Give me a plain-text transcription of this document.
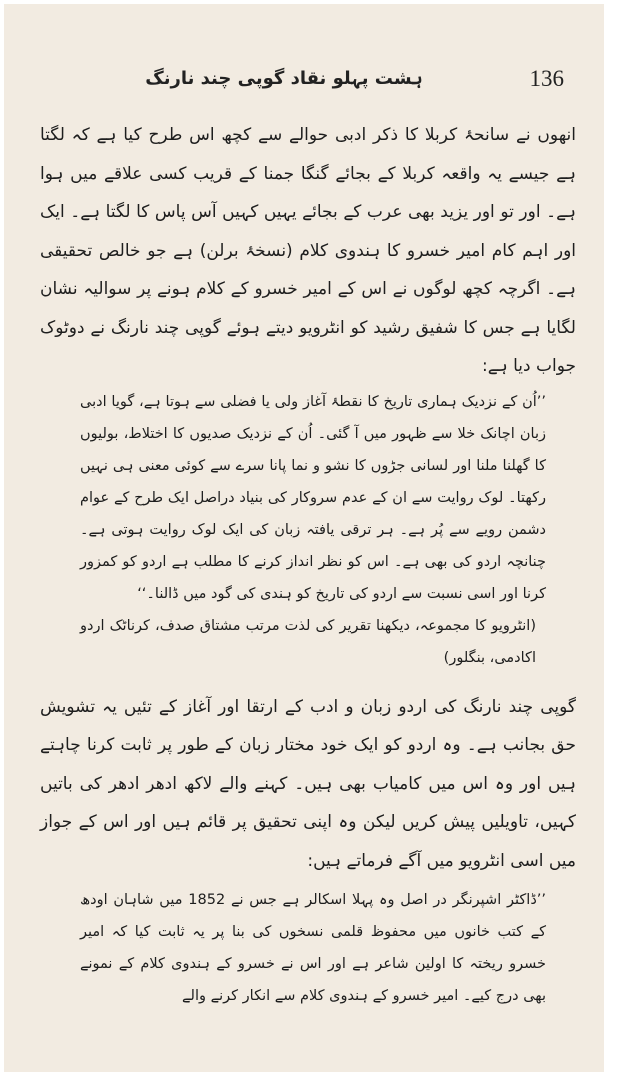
136
ہشت پہلو نقاد گوپی چند نارنگ

انھوں نے سانحۂ کربلا کا ذکر ادبی حوالے سے کچھ اس طرح کیا ہے کہ لگتا ہے جیسے یہ واقعہ کربلا کے بجائے گنگا جمنا کے قریب کسی علاقے میں ہوا ہے۔ اور تو اور یزید بھی عرب کے بجائے یہیں کہیں آس پاس کا لگتا ہے۔ ایک اور اہم کام امیر خسرو کا ہندوی کلام (نسخۂ برلن) ہے جو خالص تحقیقی ہے۔ اگرچہ کچھ لوگوں نے اس کے امیر خسرو کے کلام ہونے پر سوالیہ نشان لگایا ہے جس کا شفیق رشید کو انٹرویو دیتے ہوئے گوپی چند نارنگ نے دوٹوک جواب دیا ہے:

’’اُن کے نزدیک ہماری تاریخ کا نقطۂ آغاز ولی یا فضلی سے ہوتا ہے، گویا ادبی زبان اچانک خلا سے ظہور میں آ گئی۔ اُن کے نزدیک صدیوں کا اختلاط، بولیوں کا گھلنا ملنا اور لسانی جڑوں کا نشو و نما پانا سرے سے کوئی معنی ہی نہیں رکھتا۔ لوک روایت سے ان کے عدم سروکار کی بنیاد دراصل ایک طرح کے عوام دشمن رویے سے پُر ہے۔ ہر ترقی یافتہ زبان کی ایک لوک روایت ہوتی ہے۔ چنانچہ اردو کی بھی ہے۔ اس کو نظر انداز کرنے کا مطلب ہے اردو کو کمزور کرنا اور اسی نسبت سے اردو کی تاریخ کو ہندی کی گود میں ڈالنا۔‘‘

(انٹرویو کا مجموعہ، دیکھنا تقریر کی لذت مرتب مشتاق صدف، کرناٹک اردو اکادمی، بنگلور)

گوپی چند نارنگ کی اردو زبان و ادب کے ارتقا اور آغاز کے تئیں یہ تشویش حق بجانب ہے۔ وہ اردو کو ایک خود مختار زبان کے طور پر ثابت کرنا چاہتے ہیں اور وہ اس میں کامیاب بھی ہیں۔ کہنے والے لاکھ ادھر ادھر کی باتیں کہیں، تاویلیں پیش کریں لیکن وہ اپنی تحقیق پر قائم ہیں اور اس کے جواز میں اسی انٹرویو میں آگے فرماتے ہیں:

’’ڈاکٹر اشپرنگر در اصل وہ پہلا اسکالر ہے جس نے 1852 میں شاہان اودھ کے کتب خانوں میں محفوظ قلمی نسخوں کی بنا پر یہ ثابت کیا کہ امیر خسرو ریختہ کا اولین شاعر ہے اور اس نے خسرو کے ہندوی کلام کے نمونے بھی درج کیے۔ امیر خسرو کے ہندوی کلام سے انکار کرنے والے
